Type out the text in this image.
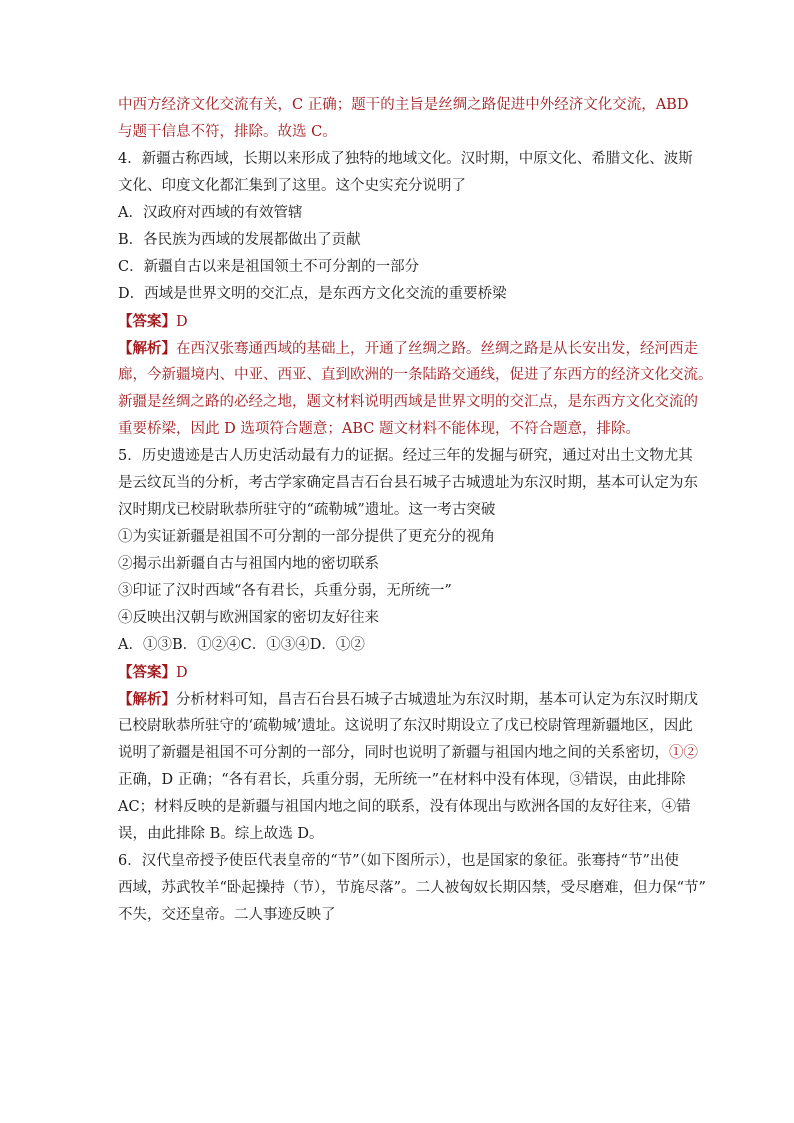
中西方经济文化交流有关，C 正确；题干的主旨是丝绸之路促进中外经济文化交流，ABD
与题干信息不符，排除。故选 C。
4．新疆古称西域，长期以来形成了独特的地域文化。汉时期，中原文化、希腊文化、波斯
文化、印度文化都汇集到了这里。这个史实充分说明了
A．汉政府对西域的有效管辖
B．各民族为西域的发展都做出了贡献
C．新疆自古以来是祖国领土不可分割的一部分
D．西域是世界文明的交汇点，是东西方文化交流的重要桥梁
【答案】D
【解析】在西汉张骞通西域的基础上，开通了丝绸之路。丝绸之路是从长安出发，经河西走
廊，今新疆境内、中亚、西亚、直到欧洲的一条陆路交通线，促进了东西方的经济文化交流。
新疆是丝绸之路的必经之地，题文材料说明西域是世界文明的交汇点，是东西方文化交流的
重要桥梁，因此 D 选项符合题意；ABC 题文材料不能体现，不符合题意，排除。
5．历史遗迹是古人历史活动最有力的证据。经过三年的发掘与研究，通过对出土文物尤其
是云纹瓦当的分析，考古学家确定昌吉石台县石城子古城遗址为东汉时期，基本可认定为东
汉时期戊已校尉耿恭所驻守的“疏勒城”遗址。这一考古突破
①为实证新疆是祖国不可分割的一部分提供了更充分的视角
②揭示出新疆自古与祖国内地的密切联系
③印证了汉时西域“各有君长，兵重分弱，无所统一”
④反映出汉朝与欧洲国家的密切友好往来
A．①③B．①②④C．①③④D．①②
【答案】D
【解析】分析材料可知，昌吉石台县石城子古城遗址为东汉时期，基本可认定为东汉时期戊
已校尉耿恭所驻守的‘疏勒城’遗址。这说明了东汉时期设立了戊已校尉管理新疆地区，因此
说明了新疆是祖国不可分割的一部分，同时也说明了新疆与祖国内地之间的关系密切，①②
正确，D 正确；“各有君长，兵重分弱，无所统一”在材料中没有体现，③错误，由此排除
AC；材料反映的是新疆与祖国内地之间的联系，没有体现出与欧洲各国的友好往来，④错
误，由此排除 B。综上故选 D。
6．汉代皇帝授予使臣代表皇帝的“节”（如下图所示），也是国家的象征。张骞持“节”出使
西域，苏武牧羊“卧起操持（节），节旄尽落”。二人被匈奴长期囚禁，受尽磨难，但力保“节”
不失，交还皇帝。二人事迹反映了
